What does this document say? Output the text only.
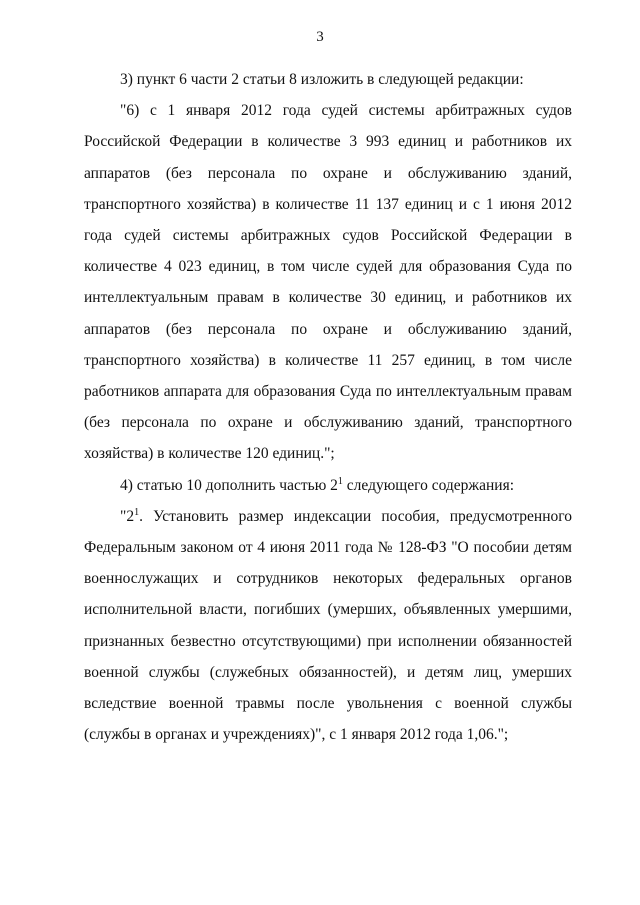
3

3) пункт 6 части 2 статьи 8 изложить в следующей редакции:

"6) с 1 января 2012 года судей системы арбитражных судов Российской Федерации в количестве 3 993 единиц и работников их аппаратов (без персонала по охране и обслуживанию зданий, транспортного хозяйства) в количестве 11 137 единиц и с 1 июня 2012 года судей системы арбитражных судов Российской Федерации в количестве 4 023 единиц, в том числе судей для образования Суда по интеллектуальным правам в количестве 30 единиц, и работников их аппаратов (без персонала по охране и обслуживанию зданий, транспортного хозяйства) в количестве 11 257 единиц, в том числе работников аппарата для образования Суда по интеллектуальным правам (без персонала по охране и обслуживанию зданий, транспортного хозяйства) в количестве 120 единиц.";

4) статью 10 дополнить частью $2^1$ следующего содержания:

"$2^1$. Установить размер индексации пособия, предусмотренного Федеральным законом от 4 июня 2011 года № 128-ФЗ "О пособии детям военнослужащих и сотрудников некоторых федеральных органов исполнительной власти, погибших (умерших, объявленных умершими, признанных безвестно отсутствующими) при исполнении обязанностей военной службы (служебных обязанностей), и детям лиц, умерших вследствие военной травмы после увольнения с военной службы (службы в органах и учреждениях)", с 1 января 2012 года 1,06.";
